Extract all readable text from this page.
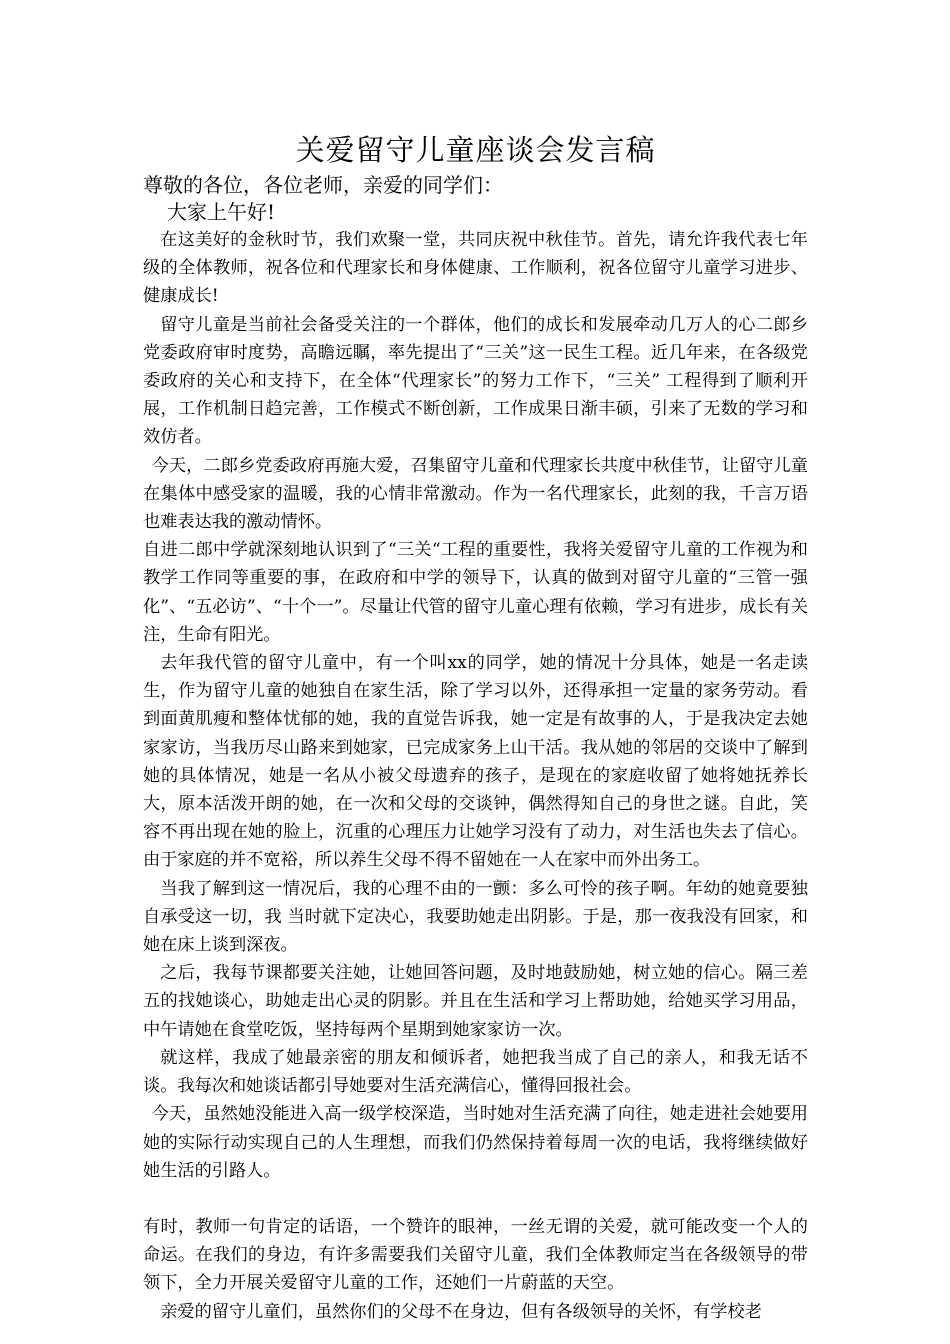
关爱留守儿童座谈会发言稿

尊敬的各位，各位老师，亲爱的同学们：

大家上午好!

在这美好的金秋时节，我们欢聚一堂，共同庆祝中秋佳节。首先，请允许我代表七年级的全体教师，祝各位和代理家长和身体健康、工作顺利，祝各位留守儿童学习进步、健康成长!

留守儿童是当前社会备受关注的一个群体，他们的成长和发展牵动几万人的心二郎乡党委政府审时度势，高瞻远瞩，率先提出了“三关”这一民生工程。近几年来，在各级党委政府的关心和支持下，在全体“代理家长”的努力工作下，“三关” 工程得到了顺利开展，工作机制日趋完善，工作模式不断创新，工作成果日渐丰硕，引来了无数的学习和效仿者。

今天，二郎乡党委政府再施大爱，召集留守儿童和代理家长共度中秋佳节，让留守儿童在集体中感受家的温暖，我的心情非常激动。作为一名代理家长，此刻的我，千言万语也难表达我的激动情怀。

自进二郎中学就深刻地认识到了“三关“工程的重要性，我将关爱留守儿童的工作视为和教学工作同等重要的事，在政府和中学的领导下，认真的做到对留守儿童的“三管一强化”、“五必访”、“十个一”。尽量让代管的留守儿童心理有依赖，学习有进步，成长有关注，生命有阳光。

去年我代管的留守儿童中，有一个叫xx的同学，她的情况十分具体，她是一名走读生，作为留守儿童的她独自在家生活，除了学习以外，还得承担一定量的家务劳动。看到面黄肌瘦和整体忧郁的她，我的直觉告诉我，她一定是有故事的人，于是我决定去她家家访，当我历尽山路来到她家，已完成家务上山干活。我从她的邻居的交谈中了解到她的具体情况，她是一名从小被父母遗弃的孩子，是现在的家庭收留了她将她抚养长大，原本活泼开朗的她，在一次和父母的交谈钟，偶然得知自己的身世之谜。自此，笑容不再出现在她的脸上，沉重的心理压力让她学习没有了动力，对生活也失去了信心。由于家庭的并不宽裕，所以养生父母不得不留她在一人在家中而外出务工。

当我了解到这一情况后，我的心理不由的一颤：多么可怜的孩子啊。年幼的她竟要独自承受这一切，我 当时就下定决心，我要助她走出阴影。于是，那一夜我没有回家，和她在床上谈到深夜。

之后，我每节课都要关注她，让她回答问题，及时地鼓励她，树立她的信心。隔三差五的找她谈心，助她走出心灵的阴影。并且在生活和学习上帮助她，给她买学习用品，中午请她在食堂吃饭，坚持每两个星期到她家家访一次。

就这样，我成了她最亲密的朋友和倾诉者，她把我当成了自己的亲人，和我无话不谈。我每次和她谈话都引导她要对生活充满信心，懂得回报社会。

今天，虽然她没能进入高一级学校深造，当时她对生活充满了向往，她走进社会她要用她的实际行动实现自己的人生理想，而我们仍然保持着每周一次的电话，我将继续做好她生活的引路人。

有时，教师一句肯定的话语，一个赞许的眼神，一丝无谓的关爱，就可能改变一个人的命运。在我们的身边，有许多需要我们关留守儿童，我们全体教师定当在各级领导的带领下，全力开展关爱留守儿童的工作，还她们一片蔚蓝的天空。

亲爱的留守儿童们，虽然你们的父母不在身边，但有各级领导的关怀，有学校老
